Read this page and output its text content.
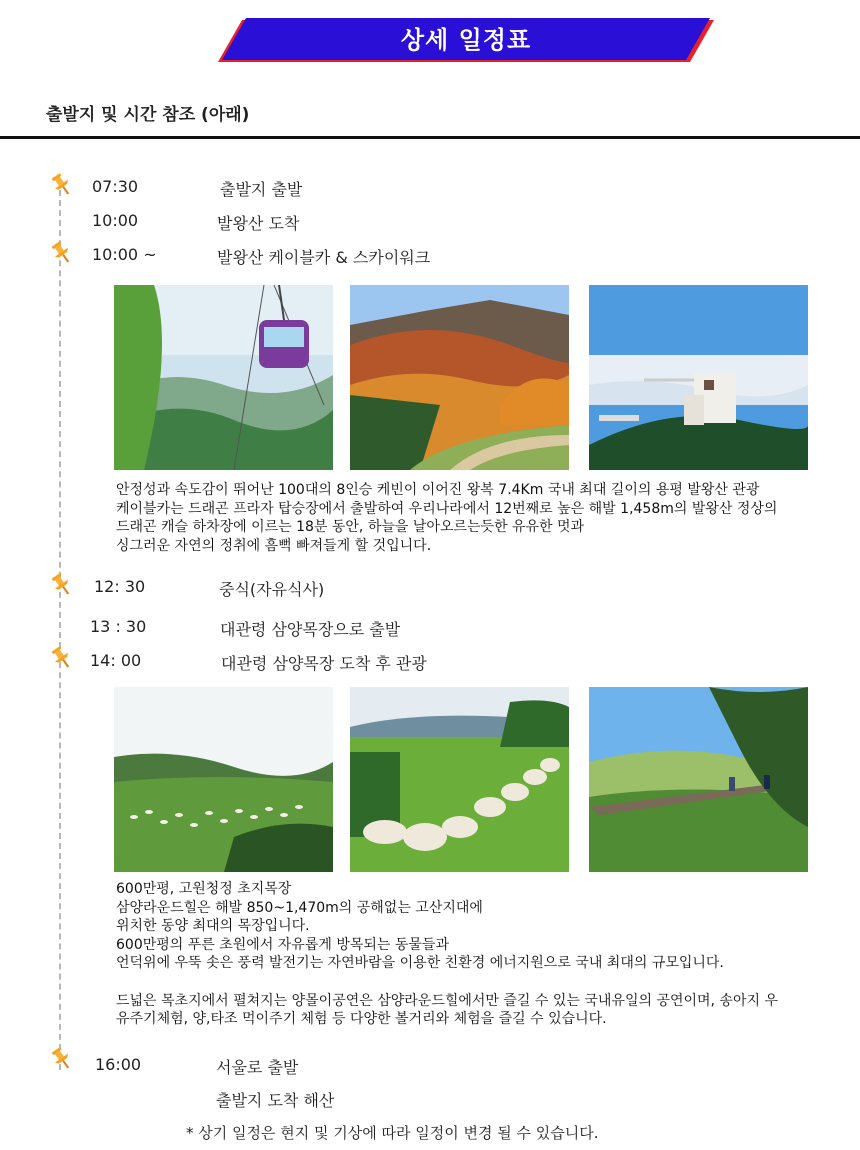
상세 일정표
출발지 및 시간 참조 (아래)
07:30	출발지 출발
10:00	발왕산 도착
10:00 ~	발왕산 케이블카 & 스카이워크

안정성과 속도감이 뛰어난 100대의 8인승 케빈이 이어진 왕복 7.4Km 국내 최대 길이의 용평 발왕산 관광

케이블카는 드래곤 프라자 탑승장에서 출발하여 우리나라에서 12번째로 높은 해발 1,458m의 발왕산 정상의

드래곤 캐슬 하차장에 이르는 18분 동안, 하늘을 날아오르는듯한 유유한 멋과

싱그러운 자연의 정취에 흠뻑 빠져들게 할 것입니다.

12: 30	중식(자유식사)
13 : 30	대관령 삼양목장으로 출발
14: 00	대관령 삼양목장 도착 후 관광

600만평, 고원청정 초지목장

삼양라운드힐은 해발 850~1,470m의 공해없는 고산지대에

위치한 동양 최대의 목장입니다.

600만평의 푸른 초원에서 자유롭게 방목되는 동물들과

언덕위에 우뚝 솟은 풍력 발전기는 자연바람을 이용한 친환경 에너지원으로 국내 최대의 규모입니다.

드넓은 목초지에서 펼쳐지는 양몰이공연은 삼양라운드힐에서만 즐길 수 있는 국내유일의 공연이며, 송아지 우

유주기체험, 양,타조 먹이주기 체험 등 다양한 볼거리와 체험을 즐길 수 있습니다.

16:00	서울로 출발
출발지 도착 해산
* 상기 일정은 현지 및 기상에 따라 일정이 변경 될 수 있습니다.
